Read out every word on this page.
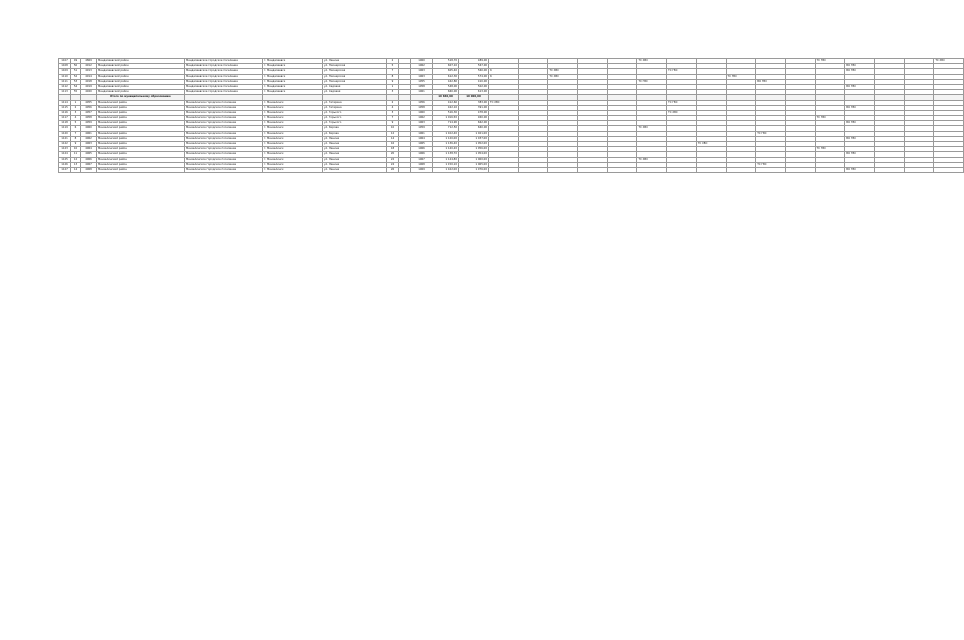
1107	49	4869	Менделеевский район	Менделеевское городское поселение	г. Менделеевск	ул. Ленина	2		1960	518,70	489,00						ТС ХВС						ТС ГВС				ТС ХВС
1108	50	4912	Менделеевский район	Менделеевское городское поселение	г. Менделеевск	ул. Пионерская	5		1962	607,10	567,00													ВО ГВС			
1109	51	4913	Менделеевский район	Менделеевское городское поселение	г. Менделеевск	ул. Пионерская	7		1963	605,40	560,00	К		ТС ХВС				ТС ГВС						ВО ГВС			
1110	52	4914	Менделеевский район	Менделеевское городское поселение	г. Менделеевск	ул. Пионерская	8		1963	612,30	574,00	К		ТС ХВС						ТС ГВС							
1111	53	4918	Менделеевский район	Менделеевское городское поселение	г. Менделеевск	ул. Пионерская	9		1955	442,80	410,00						ТС ГВС				ВО ГВС						
1112	54	4919	Менделеевский район	Менделеевское городское поселение	г. Менделеевск	ул. Садовая	1		1958	548,00	502,00													ВО ГВС			
1113	55	4920	Менделеевский район	Менделеевское городское поселение	г. Менделеевск	ул. Садовая	3		1961	660,00	613,00																
			Итого по муниципальному образованию							10 660,90	10 000,00																
1114	1	4955	Мензелинский район	Мензелинское городское поселение	г. Мензелинск	ул. Гагарина	2		1956	412,60	383,00	ТС ХВС						ТС ГВС									
1115	2	4956	Мензелинский район	Мензелинское городское поселение	г. Мензелинск	ул. Гагарина	4		1958	422,10	391,00													ВО ГВС			
1116	3	4957	Мензелинский район	Мензелинское городское поселение	г. Мензелинск	ул. Горького	3		1960	516,30	478,00							ТС ХВС									
1117	4	4958	Мензелинский район	Мензелинское городское поселение	г. Мензелинск	ул. Горького	7		1962	1 016,50	940,00												ТС ГВС				
1118	5	4959	Мензелинский район	Мензелинское городское поселение	г. Мензелинск	ул. Горького	9		1963	714,90	662,00													ВО ГВС			
1119	6	4960	Мензелинский район	Мензелинское городское поселение	г. Мензелинск	ул. Кирова	10		1959	712,50	660,00						ТС ХВС										
1120	7	4961	Мензелинский район	Мензелинское городское поселение	г. Мензелинск	ул. Кирова	12		1961	1 102,40	1 021,00										ТС ГВС						
1121	8	4962	Мензелинский район	Мензелинское городское поселение	г. Мензелинск	ул. Ленина	14		1964	1 120,00	1 037,00													ВО ГВС			
1122	9	4963	Мензелинский район	Мензелинское городское поселение	г. Мензелинск	ул. Ленина	16		1965	1 136,40	1 052,00								ТС ХВС								
1123	10	4964	Мензелинский район	Мензелинское городское поселение	г. Мензелинск	ул. Ленина	18		1966	1 140,20	1 056,00												ТС ГВС				
1124	11	4965	Мензелинский район	Мензелинское городское поселение	г. Мензелинск	ул. Ленина	20		1966	1 138,70	1 054,00													ВО ГВС			
1125	12	4966	Мензелинский район	Мензелинское городское поселение	г. Мензелинск	ул. Ленина	22		1967	1 144,80	1 060,00						ТС ХВС										
1126	13	4967	Мензелинский район	Мензелинское городское поселение	г. Мензелинск	ул. Ленина	24		1968	1 150,10	1 065,00										ТС ГВС						
1127	14	4968	Мензелинский район	Мензелинское городское поселение	г. Мензелинск	ул. Ленина	26		1969	1 162,00	1 076,00													ВО ГВС			
